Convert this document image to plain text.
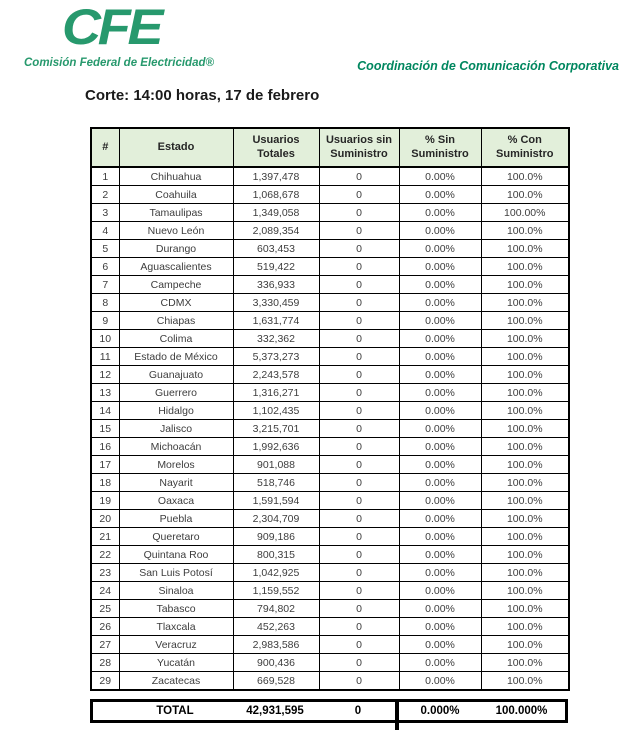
CFE
Comisión Federal de Electricidad®	Coordinación de Comunicación Corporativa
Corte: 14:00 horas, 17 de febrero
#	Estado	Usuarios Totales	Usuarios sin Suministro	% Sin Suministro	% Con Suministro
1	Chihuahua	1,397,478	0	0.00%	100.0%
2	Coahuila	1,068,678	0	0.00%	100.0%
3	Tamaulipas	1,349,058	0	0.00%	100.00%
4	Nuevo León	2,089,354	0	0.00%	100.0%
5	Durango	603,453	0	0.00%	100.0%
6	Aguascalientes	519,422	0	0.00%	100.0%
7	Campeche	336,933	0	0.00%	100.0%
8	CDMX	3,330,459	0	0.00%	100.0%
9	Chiapas	1,631,774	0	0.00%	100.0%
10	Colima	332,362	0	0.00%	100.0%
11	Estado de México	5,373,273	0	0.00%	100.0%
12	Guanajuato	2,243,578	0	0.00%	100.0%
13	Guerrero	1,316,271	0	0.00%	100.0%
14	Hidalgo	1,102,435	0	0.00%	100.0%
15	Jalisco	3,215,701	0	0.00%	100.0%
16	Michoacán	1,992,636	0	0.00%	100.0%
17	Morelos	901,088	0	0.00%	100.0%
18	Nayarit	518,746	0	0.00%	100.0%
19	Oaxaca	1,591,594	0	0.00%	100.0%
20	Puebla	2,304,709	0	0.00%	100.0%
21	Queretaro	909,186	0	0.00%	100.0%
22	Quintana Roo	800,315	0	0.00%	100.0%
23	San Luis Potosí	1,042,925	0	0.00%	100.0%
24	Sinaloa	1,159,552	0	0.00%	100.0%
25	Tabasco	794,802	0	0.00%	100.0%
26	Tlaxcala	452,263	0	0.00%	100.0%
27	Veracruz	2,983,586	0	0.00%	100.0%
28	Yucatán	900,436	0	0.00%	100.0%
29	Zacatecas	669,528	0	0.00%	100.0%
TOTAL	42,931,595	0	0.000%	100.000%
